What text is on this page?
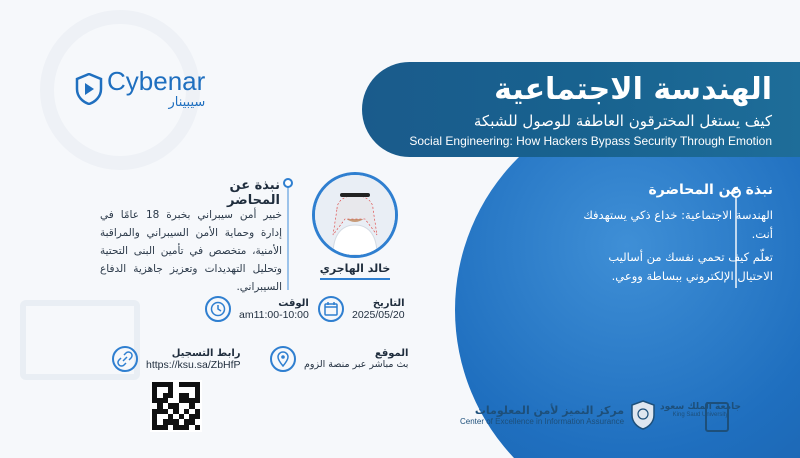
الهندسة الاجتماعية
كيف يستغل المخترقون العاطفة للوصول للشبكة
Social Engineering: How Hackers Bypass Security Through Emotion
Cybenar
سيبينار
نبذة عن المحاضرة
الهندسة الاجتماعية: خداع ذكي يستهدفك أنت.
تعلّم كيف تحمي نفسك من أساليب الاحتيال الإلكتروني ببساطة ووعي.
خالد الهاجري
نبذة عن المحاضر
خبير أمن سيبراني بخبرة 18 عامًا في إدارة وحماية الأمن السيبراني والمراقبة الأمنية، متخصص في تأمين البنى التحتية وتحليل التهديدات وتعزيز جاهزية الدفاع السيبراني.
الوقت
am11:00-10:00
التاريخ
2025/05/20
رابط التسجيل
https://ksu.sa/ZbHfP
الموقع
بث مباشر عبر منصة الزوم
مركز التميز لأمن المعلومات
Center of Excellence in Information Assurance
جامعة الملك سعود
King Saud University
